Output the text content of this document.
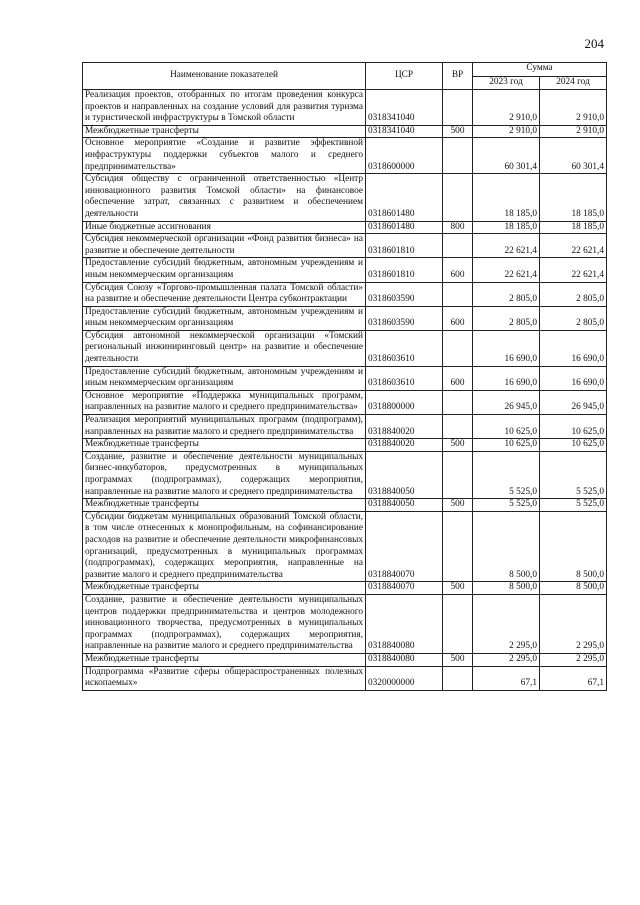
204
Наименование показателей	ЦСР	ВР	Сумма	
			2023 год	2024 год
Реализация проектов, отобранных по итогам проведения конкурса проектов и направленных на создание условий для развития туризма и туристической инфраструктуры в Томской области	0318341040		2 910,0	2 910,0
Межбюджетные трансферты	0318341040	500	2 910,0	2 910,0
Основное мероприятие «Создание и развитие эффективной инфраструктуры поддержки субъектов малого и среднего предпринимательства»	0318600000		60 301,4	60 301,4
Субсидия обществу с ограниченной ответственностью «Центр инновационного развития Томской области» на финансовое обеспечение затрат, связанных с развитием и обеспечением деятельности	0318601480		18 185,0	18 185,0
Иные бюджетные ассигнования	0318601480	800	18 185,0	18 185,0
Субсидия некоммерческой организации «Фонд развития бизнеса» на развитие и обеспечение деятельности	0318601810		22 621,4	22 621,4
Предоставление субсидий бюджетным, автономным учреждениям и иным некоммерческим организациям	0318601810	600	22 621,4	22 621,4
Субсидия Союзу «Торгово-промышленная палата Томской области» на развитие и обеспечение деятельности Центра субконтрактации	0318603590		2 805,0	2 805,0
Предоставление субсидий бюджетным, автономным учреждениям и иным некоммерческим организациям	0318603590	600	2 805,0	2 805,0
Субсидия автономной некоммерческой организации «Томский региональный инжиниринговый центр» на развитие и обеспечение деятельности	0318603610		16 690,0	16 690,0
Предоставление субсидий бюджетным, автономным учреждениям и иным некоммерческим организациям	0318603610	600	16 690,0	16 690,0
Основное мероприятие «Поддержка муниципальных программ, направленных на развитие малого и среднего предпринимательства»	0318800000		26 945,0	26 945,0
Реализация мероприятий муниципальных программ (подпрограмм), направленных на развитие малого и среднего предпринимательства	0318840020		10 625,0	10 625,0
Межбюджетные трансферты	0318840020	500	10 625,0	10 625,0
Создание, развитие и обеспечение деятельности муниципальных бизнес-инкубаторов, предусмотренных в муниципальных программах (подпрограммах), содержащих мероприятия, направленные на развитие малого и среднего предпринимательства	0318840050		5 525,0	5 525,0
Межбюджетные трансферты	0318840050	500	5 525,0	5 525,0
Субсидии бюджетам муниципальных образований Томской области, в том числе отнесенных к монопрофильным, на софинансирование расходов на развитие и обеспечение деятельности микрофинансовых организаций, предусмотренных в муниципальных программах (подпрограммах), содержащих мероприятия, направленные на развитие малого и среднего предпринимательства	0318840070		8 500,0	8 500,0
Межбюджетные трансферты	0318840070	500	8 500,0	8 500,0
Создание, развитие и обеспечение деятельности муниципальных центров поддержки предпринимательства и центров молодежного инновационного творчества, предусмотренных в муниципальных программах (подпрограммах), содержащих мероприятия, направленные на развитие малого и среднего предпринимательства	0318840080		2 295,0	2 295,0
Межбюджетные трансферты	0318840080	500	2 295,0	2 295,0
Подпрограмма «Развитие сферы общераспространенных полезных ископаемых»	0320000000		67,1	67,1
